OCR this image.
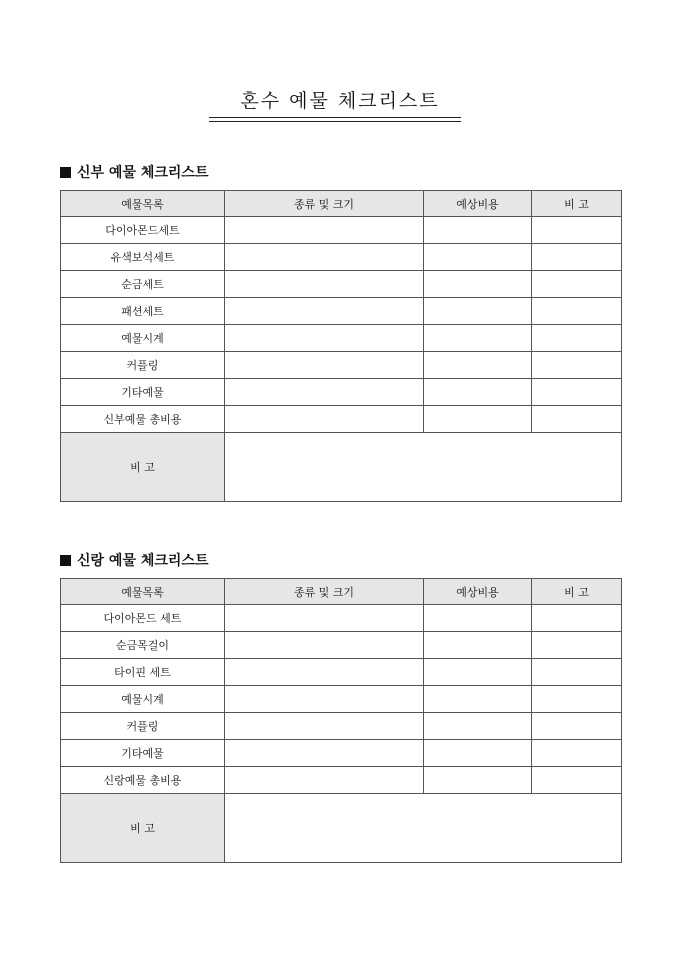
혼수 예물 체크리스트
신부 예물 체크리스트
예물목록	종류 및 크기	예상비용	비 고
다이아몬드세트			
유색보석세트			
순금세트			
패션세트			
예물시계			
커플링			
기타예물			
신부예물 총비용			
비 고			
신랑 예물 체크리스트
예물목록	종류 및 크기	예상비용	비 고
다이아몬드 세트			
순금목걸이			
타이핀 세트			
예물시계			
커플링			
기타예물			
신랑예물 총비용			
비 고			
